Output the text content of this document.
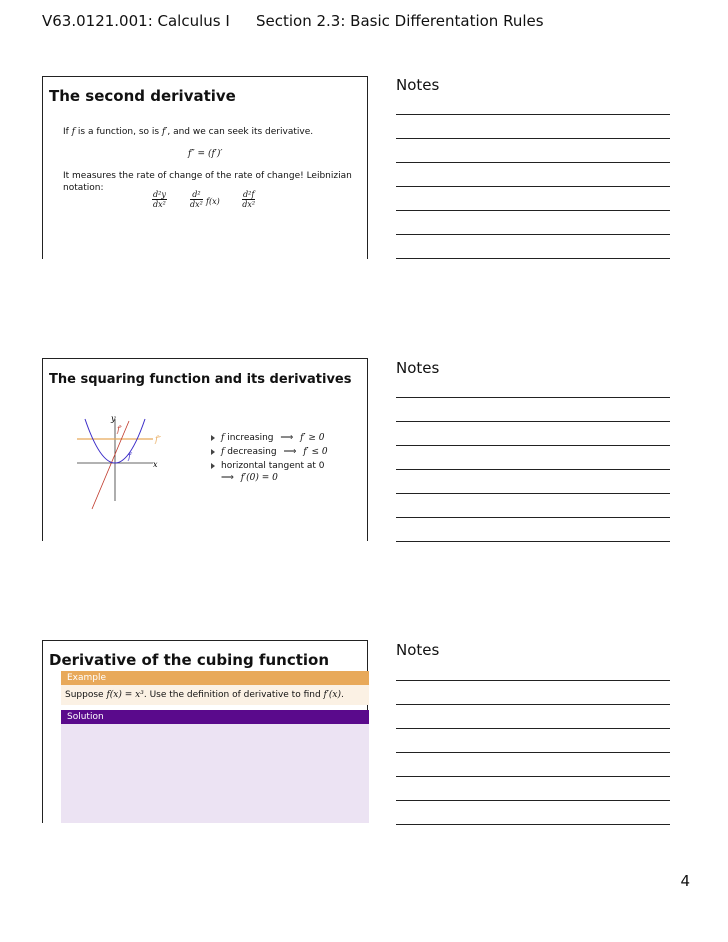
V63.0121.001: Calculus I Section 2.3: Basic Differentation Rules
The second derivative
If f is a function, so is f′, and we can seek its derivative.
f″ = (f′)′
It measures the rate of change of the rate of change! Leibnizian
notation:
$\frac{\text{d²y}}{\text{dx²}}$	$\frac{\text{d²}}{\text{dx²}} f(x)$	$\frac{\text{d²f}}{\text{dx²}}$
Notes
The squaring function and its derivatives
y
x
f
f′
f″	f increasing ⟹ f′ ≥ 0
f decreasing ⟹ f′ ≤ 0
horizontal tangent at 0
⟹ f′(0) = 0
Notes
Derivative of the cubing function
Example
Suppose f(x) = x³. Use the definition of derivative to find f′(x).
Solution
Notes
4
